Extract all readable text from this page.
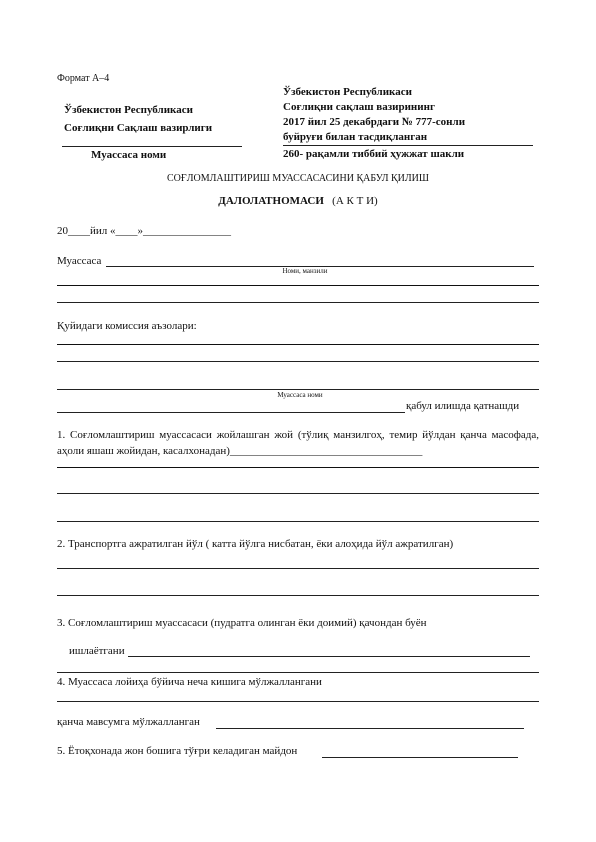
Формат А–4
Ўзбекистон Республикаси
Соғлиқни Сақлаш вазирлиги
Муассаса номи
Ўзбекистон Республикаси
Соғлиқни сақлаш вазирининг
2017 йил 25 декабрдаги № 777-сонли
буйруғи билан тасдиқланган
260- рақамли тиббий ҳужжат шакли
СОҒЛОМЛАШТИРИШ МУАССАСАСИНИ ҚАБУЛ ҚИЛИШ
ДАЛОЛАТНОМАСИ (А К Т И)
20____йил «____»________________
Муассаса
Номи, манзили
Қуйидаги комиссия аъзолари:
Муассаса номи
қабул илишда қатнашди
1. Соғломлаштириш муассасаси жойлашган жой (тўлиқ манзилгоҳ, темир йўлдан қанча масофада, аҳоли яшаш жойидан, касалхонадан)___________________________________
2. Транспортга ажратилган йўл ( катта йўлга нисбатан, ёки алоҳида йўл ажратилган)
3. Соғломлаштириш муассасаси (пудратга олинган ёки доимий) қачондан буён
ишлаётгани
4. Муассаса лойиҳа бўйича неча кишига мўлжаллангани
қанча мавсумга мўлжалланган
5. Ётоқхонада жон бошига тўғри келадиган майдон
